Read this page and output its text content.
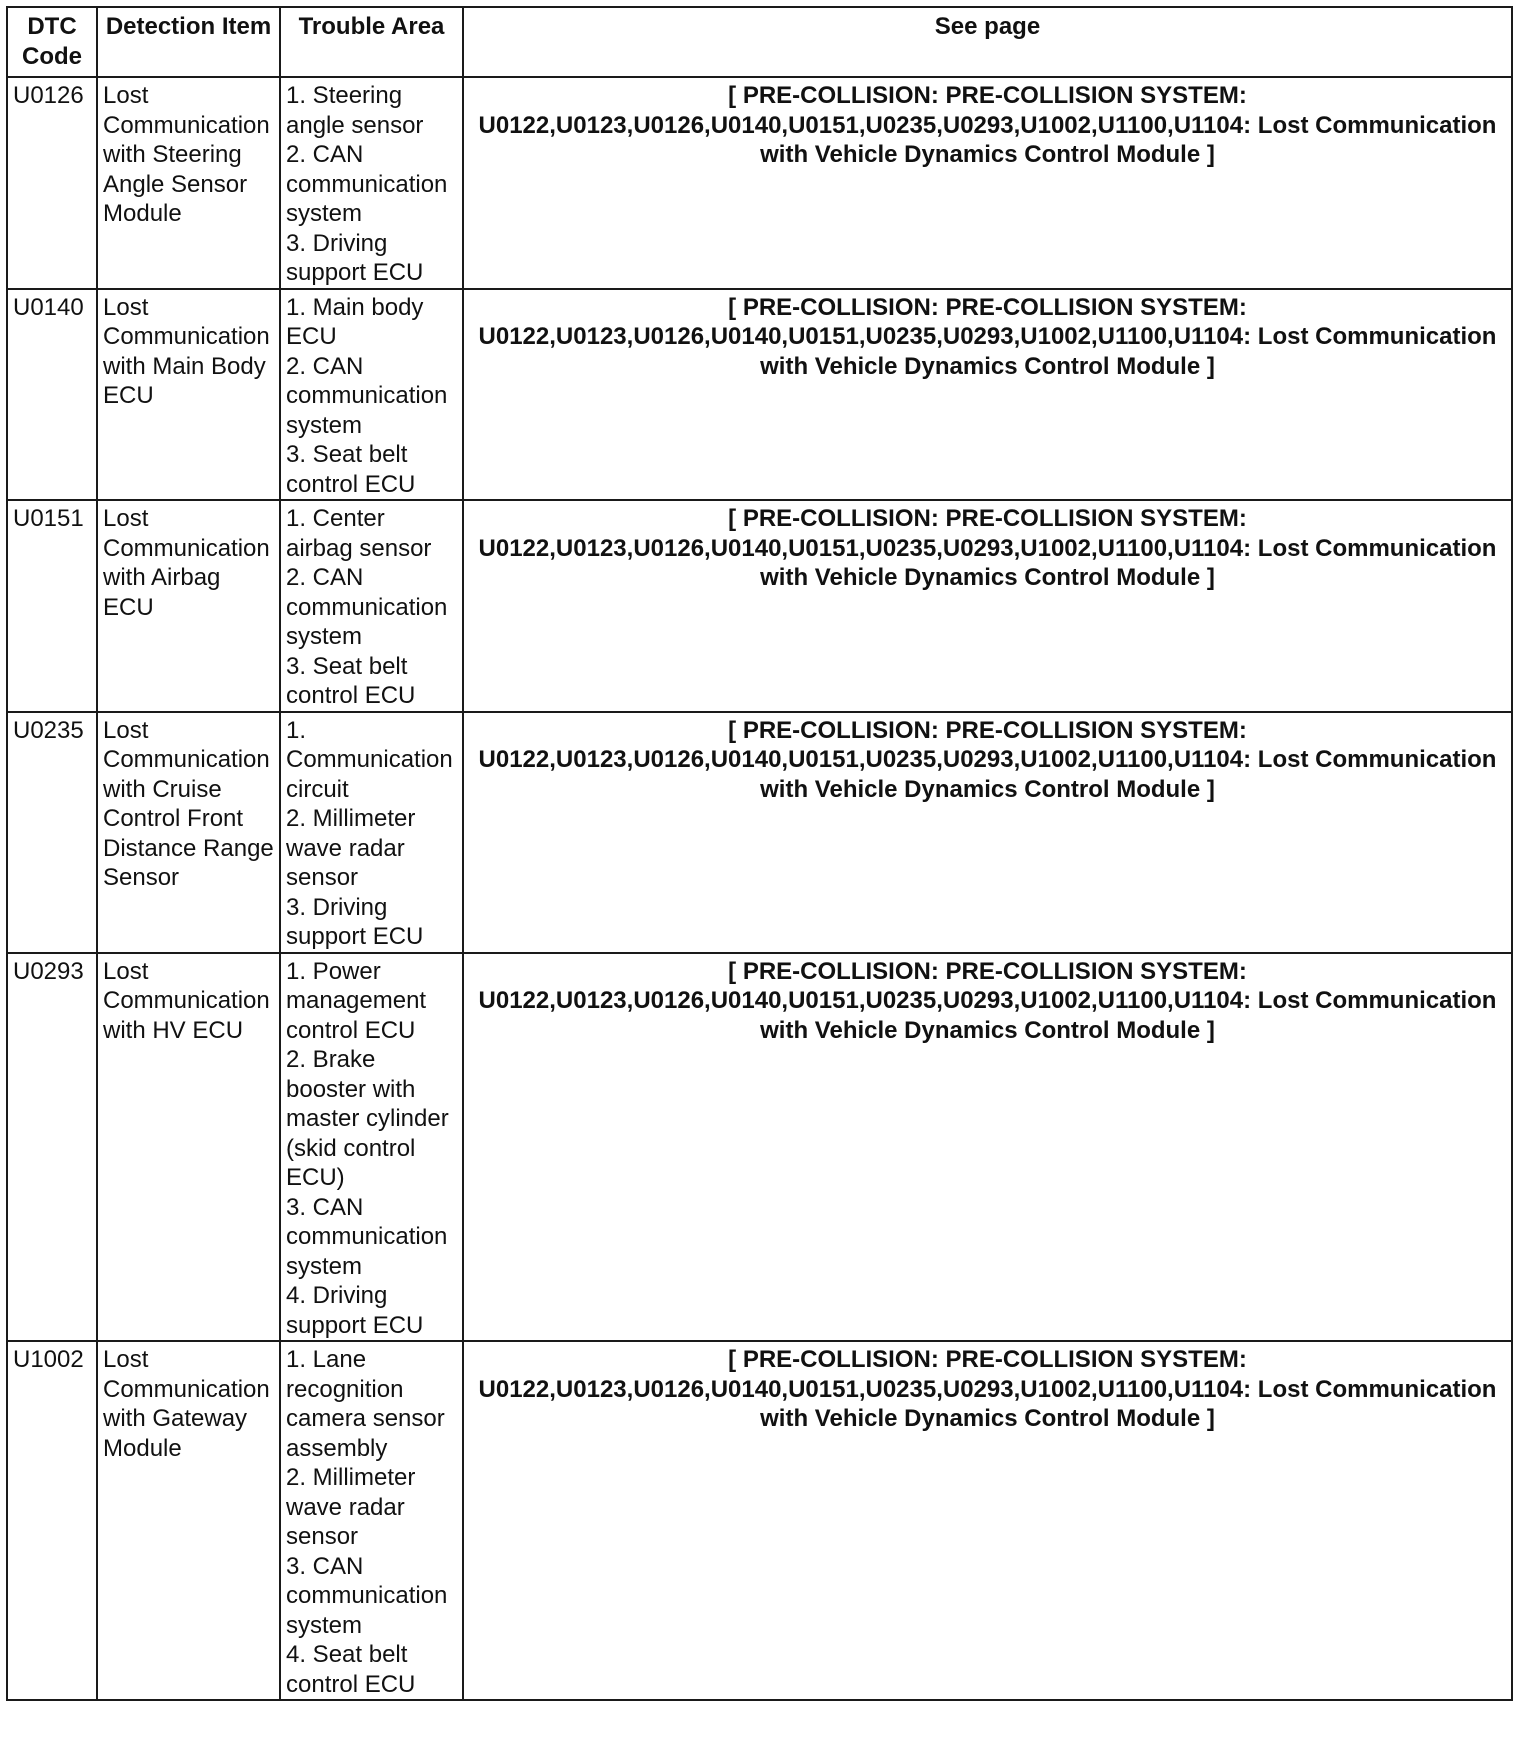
DTC Code	Detection Item	Trouble Area	See page
U0126	Lost Communication with Steering Angle Sensor Module	1. Steering angle sensor
2. CAN communication system
3. Driving support ECU	[ PRE-COLLISION: PRE-COLLISION SYSTEM: U0122,U0123,U0126,U0140,U0151,U0235,U0293,U1002,U1100,U1104: Lost Communication with Vehicle Dynamics Control Module ]
U0140	Lost Communication with Main Body ECU	1. Main body ECU
2. CAN communication system
3. Seat belt control ECU	[ PRE-COLLISION: PRE-COLLISION SYSTEM: U0122,U0123,U0126,U0140,U0151,U0235,U0293,U1002,U1100,U1104: Lost Communication with Vehicle Dynamics Control Module ]
U0151	Lost Communication with Airbag ECU	1. Center airbag sensor
2. CAN communication system
3. Seat belt control ECU	[ PRE-COLLISION: PRE-COLLISION SYSTEM: U0122,U0123,U0126,U0140,U0151,U0235,U0293,U1002,U1100,U1104: Lost Communication with Vehicle Dynamics Control Module ]
U0235	Lost Communication with Cruise Control Front Distance Range Sensor	1. Communication circuit
2. Millimeter wave radar sensor
3. Driving support ECU	[ PRE-COLLISION: PRE-COLLISION SYSTEM: U0122,U0123,U0126,U0140,U0151,U0235,U0293,U1002,U1100,U1104: Lost Communication with Vehicle Dynamics Control Module ]
U0293	Lost Communication with HV ECU	1. Power management control ECU
2. Brake booster with master cylinder (skid control ECU)
3. CAN communication system
4. Driving support ECU	[ PRE-COLLISION: PRE-COLLISION SYSTEM: U0122,U0123,U0126,U0140,U0151,U0235,U0293,U1002,U1100,U1104: Lost Communication with Vehicle Dynamics Control Module ]
U1002	Lost Communication with Gateway Module	1. Lane recognition camera sensor assembly
2. Millimeter wave radar sensor
3. CAN communication system
4. Seat belt control ECU	[ PRE-COLLISION: PRE-COLLISION SYSTEM: U0122,U0123,U0126,U0140,U0151,U0235,U0293,U1002,U1100,U1104: Lost Communication with Vehicle Dynamics Control Module ]
